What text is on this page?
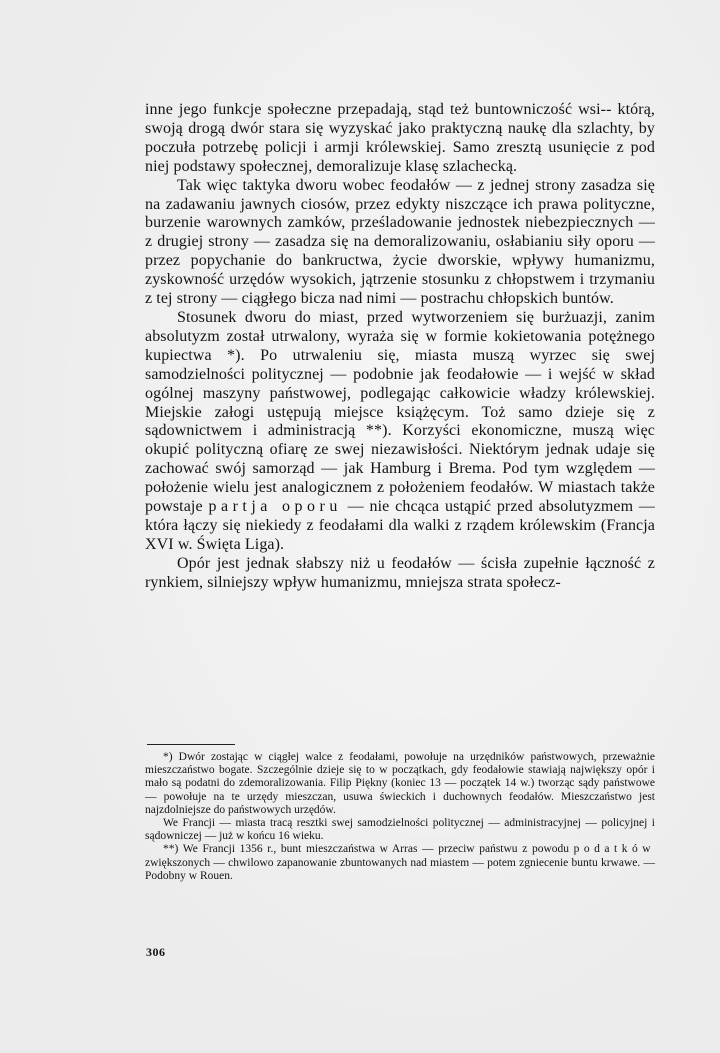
inne jego funkcje społeczne przepadają, stąd też buntowniczość wsi-- którą, swoją drogą dwór stara się wyzyskać jako praktyczną naukę dla szlachty, by poczuła potrzebę policji i armji królewskiej. Samo zresztą usunięcie z pod niej podstawy społecznej, demoralizuje klasę szlachecką.

Tak więc taktyka dworu wobec feodałów — z jednej strony zasadza się na zadawaniu jawnych ciosów, przez edykty niszczące ich prawa polityczne, burzenie warownych zamków, prześladowanie jednostek niebezpiecznych — z drugiej strony — zasadza się na demoralizowaniu, osłabianiu siły oporu — przez popychanie do bankructwa, życie dworskie, wpływy humanizmu, zyskowność urzędów wysokich, jątrzenie stosunku z chłopstwem i trzymaniu z tej strony — ciągłego bicza nad nimi — postrachu chłopskich buntów.

Stosunek dworu do miast, przed wytworzeniem się burżuazji, zanim absolutyzm został utrwalony, wyraża się w formie kokietowania potężnego kupiectwa *). Po utrwaleniu się, miasta muszą wyrzec się swej samodzielności politycznej — podobnie jak feodałowie — i wejść w skład ogólnej maszyny państwowej, podlegając całkowicie władzy królewskiej. Miejskie załogi ustępują miejsce książęcym. Toż samo dzieje się z sądownictwem i administracją **). Korzyści ekonomiczne, muszą więc okupić polityczną ofiarę ze swej niezawisłości. Niektórym jednak udaje się zachować swój samorząd — jak Hamburg i Brema. Pod tym względem — położenie wielu jest analogicznem z położeniem feodałów. W miastach także powstaje partja oporu — nie chcąca ustąpić przed absolutyzmem — która łączy się niekiedy z feodałami dla walki z rządem królewskim (Francja XVI w. Święta Liga).

Opór jest jednak słabszy niż u feodałów — ścisła zupełnie łączność z rynkiem, silniejszy wpływ humanizmu, mniejsza strata społecz-

*) Dwór zostając w ciągłej walce z feodałami, powołuje na urzędników państwowych, przeważnie mieszczaństwo bogate. Szczególnie dzieje się to w początkach, gdy feodałowie stawiają największy opór i mało są podatni do zdemoralizowania. Filip Piękny (koniec 13 — początek 14 w.) tworząc sądy państwowe — powołuje na te urzędy mieszczan, usuwa świeckich i duchownych feodałów. Mieszczaństwo jest najzdolniejsze do państwowych urzędów.

We Francji — miasta tracą resztki swej samodzielności politycznej — administracyjnej — policyjnej i sądowniczej — już w końcu 16 wieku.

**) We Francji 1356 r., bunt mieszczaństwa w Arras — przeciw państwu z powodu podatków zwiększonych — chwilowo zapanowanie zbuntowanych nad miastem — potem zgniecenie buntu krwawe. — Podobny w Rouen.

306
